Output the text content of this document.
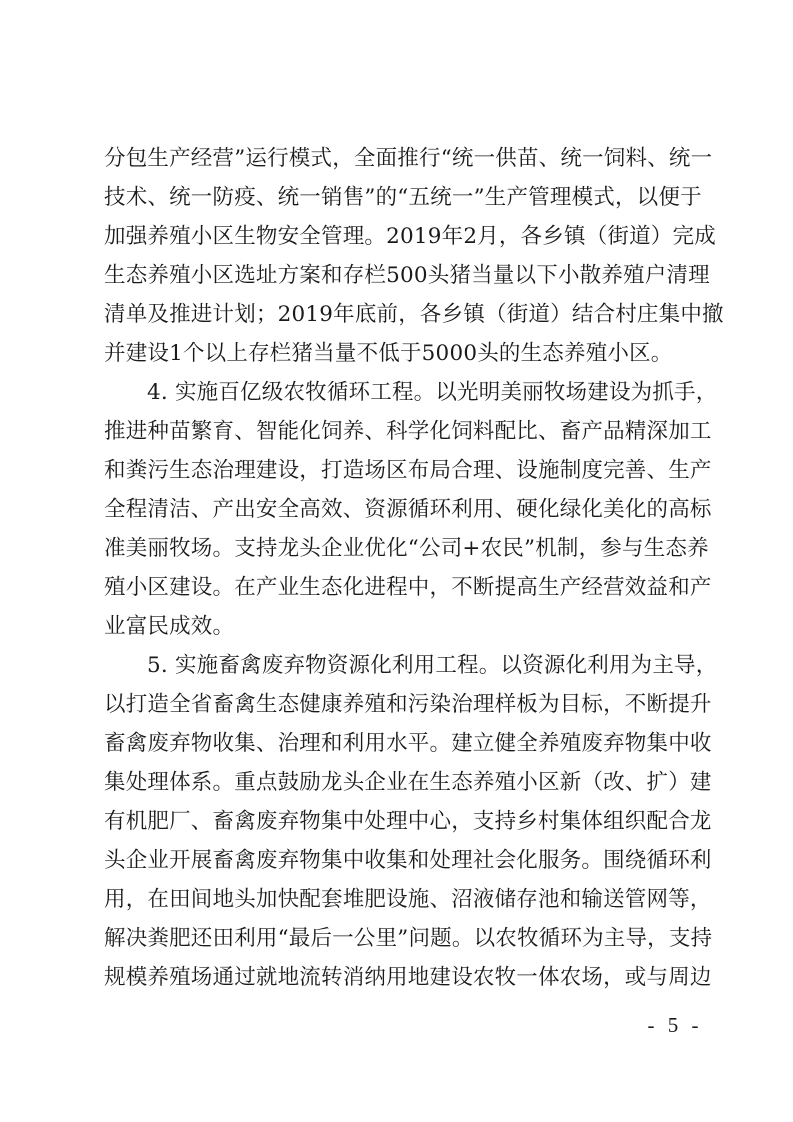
分包生产经营”运行模式，全面推行“统一供苗、统一饲料、统一
技术、统一防疫、统一销售”的“五统一”生产管理模式，以便于
加强养殖小区生物安全管理。2019年2月，各乡镇（街道）完成
生态养殖小区选址方案和存栏500头猪当量以下小散养殖户清理
清单及推进计划；2019年底前，各乡镇（街道）结合村庄集中撤
并建设1个以上存栏猪当量不低于5000头的生态养殖小区。
4. 实施百亿级农牧循环工程。以光明美丽牧场建设为抓手，
推进种苗繁育、智能化饲养、科学化饲料配比、畜产品精深加工
和粪污生态治理建设，打造场区布局合理、设施制度完善、生产
全程清洁、产出安全高效、资源循环利用、硬化绿化美化的高标
准美丽牧场。支持龙头企业优化“公司+农民”机制，参与生态养
殖小区建设。在产业生态化进程中，不断提高生产经营效益和产
业富民成效。
5. 实施畜禽废弃物资源化利用工程。以资源化利用为主导，
以打造全省畜禽生态健康养殖和污染治理样板为目标，不断提升
畜禽废弃物收集、治理和利用水平。建立健全养殖废弃物集中收
集处理体系。重点鼓励龙头企业在生态养殖小区新（改、扩）建
有机肥厂、畜禽废弃物集中处理中心，支持乡村集体组织配合龙
头企业开展畜禽废弃物集中收集和处理社会化服务。围绕循环利
用，在田间地头加快配套堆肥设施、沼液储存池和输送管网等，
解决粪肥还田利用“最后一公里”问题。以农牧循环为主导，支持
规模养殖场通过就地流转消纳用地建设农牧一体农场，或与周边
- 5 -
